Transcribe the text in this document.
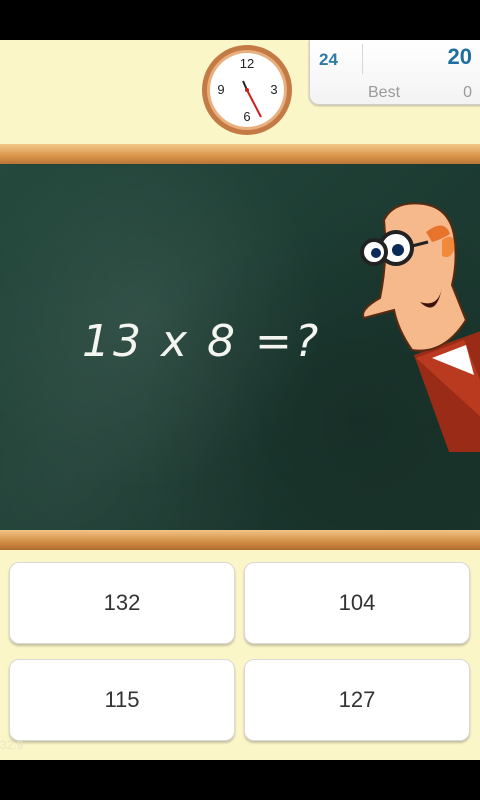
12
3
6
9
24	20
Best	0
13 x 8 =?
132	104
115	127
32.9
